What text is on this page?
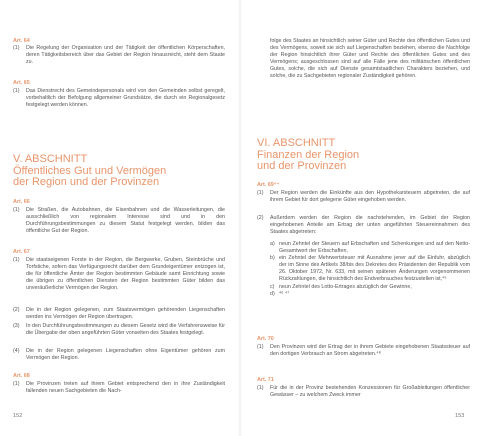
Art. 64
(1) Die Regelung der Organisation und der Tätigkeit der öffentlichen Körperschaften, deren Tätigkeitsbereich über das Gebiet der Region hinausreicht, steht dem Staate zu.
Art. 65
(1) Das Dienstrecht des Gemeindepersonals wird von den Gemeinden selbst geregelt, vorbehaltlich der Befolgung allgemeiner Grundsätze, die durch ein Regionalgesetz festgelegt werden können.
V. ABSCHNITT
Öffentliches Gut und Vermögen
der Region und der Provinzen
Art. 66
(1) Die Straßen, die Autobahnen, die Eisenbahnen und die Wasserleitungen, die ausschließlich von regionalem Interesse sind und in den Durchführungsbestimmungen zu diesem Statut festgelegt werden, bilden das öffentliche Gut der Region.
Art. 67
(1) Die staatseigenen Forste in der Region, die Bergwerke, Gruben, Steinbrüche und Torfstiche, sofern das Verfügungsrecht darüber dem Grundeigentümer entzogen ist, die für öffentliche Ämter der Region bestimmten Gebäude samt Einrichtung sowie die übrigen zu öffentlichen Diensten der Region bestimmten Güter bilden das unveräußerliche Vermögen der Region.
(2) Die in der Region gelegenen, zum Staatsvermögen gehörenden Liegenschaften werden ins Vermögen der Region übertragen.
(3) In den Durchführungsbestimmungen zu diesem Gesetz wird die Verfahrensweise für die Übergabe der oben angeführten Güter vonseiten des Staates festgelegt.
(4) Die in der Region gelegenen Liegenschaften ohne Eigentümer gehören zum Vermögen der Region.
Art. 68
(1) Die Provinzen treten auf ihrem Gebiet entsprechend den in ihre Zuständigkeit fallenden neuen Sachgebieten die Nach-
152
folge des Staates an hinsichtlich seiner Güter und Rechte des öffentlichen Gutes und des Vermögens, soweit sie sich auf Liegenschaften beziehen, ebenso die Nachfolge der Region hinsichtlich ihrer Güter und Rechte des öffentlichen Gutes und des Vermögens; ausgeschlossen sind auf alle Fälle jene des militärischen öffentlichen Gutes, solche, die sich auf Dienste gesamtstaatlichen Charakters beziehen, und solche, die zu Sachgebieten regionaler Zuständigkeit gehören.
VI. ABSCHNITT
Finanzen der Region
und der Provinzen
Art. 69⁴⁴
(1) Der Region werden die Einkünfte aus den Hypothekarsteuern abgetreten, die auf ihrem Gebiet für dort gelegene Güter eingehoben werden.
(2) Außerdem werden der Region die nachstehenden, im Gebiet der Region eingehobenen Anteile am Ertrag der unten angeführten Steuereinnahmen des Staates abgetreten:
a) neun Zehntel der Steuern auf Erbschaften und Schenkungen und auf den Netto-Gesamtwert der Erbschaften,
b) ein Zehntel der Mehrwertsteuer mit Ausnahme jener auf die Einfuhr, abzüglich der im Sinne des Artikels 38/bis des Dekretes des Präsidenten der Republik vom 26. Oktober 1972, Nr. 633, mit seinen späteren Änderungen vorgenommenen Rückzahlungen, die hinsichtlich des Endverbrauches festzustellen ist,⁴⁵
c) neun Zehntel des Lotto-Ertrages abzüglich der Gewinne,
d) ⁴⁶ ⁴⁷
Art. 70
(1) Den Provinzen wird der Ertrag der in ihrem Gebiete eingehobenen Staatssteuer auf den dortigen Verbrauch an Strom abgetreten.⁴⁸
Art. 71
(1) Für die in der Provinz bestehenden Konzessionen für Großableitungen öffentlicher Gewässer – zu welchem Zweck immer
153
